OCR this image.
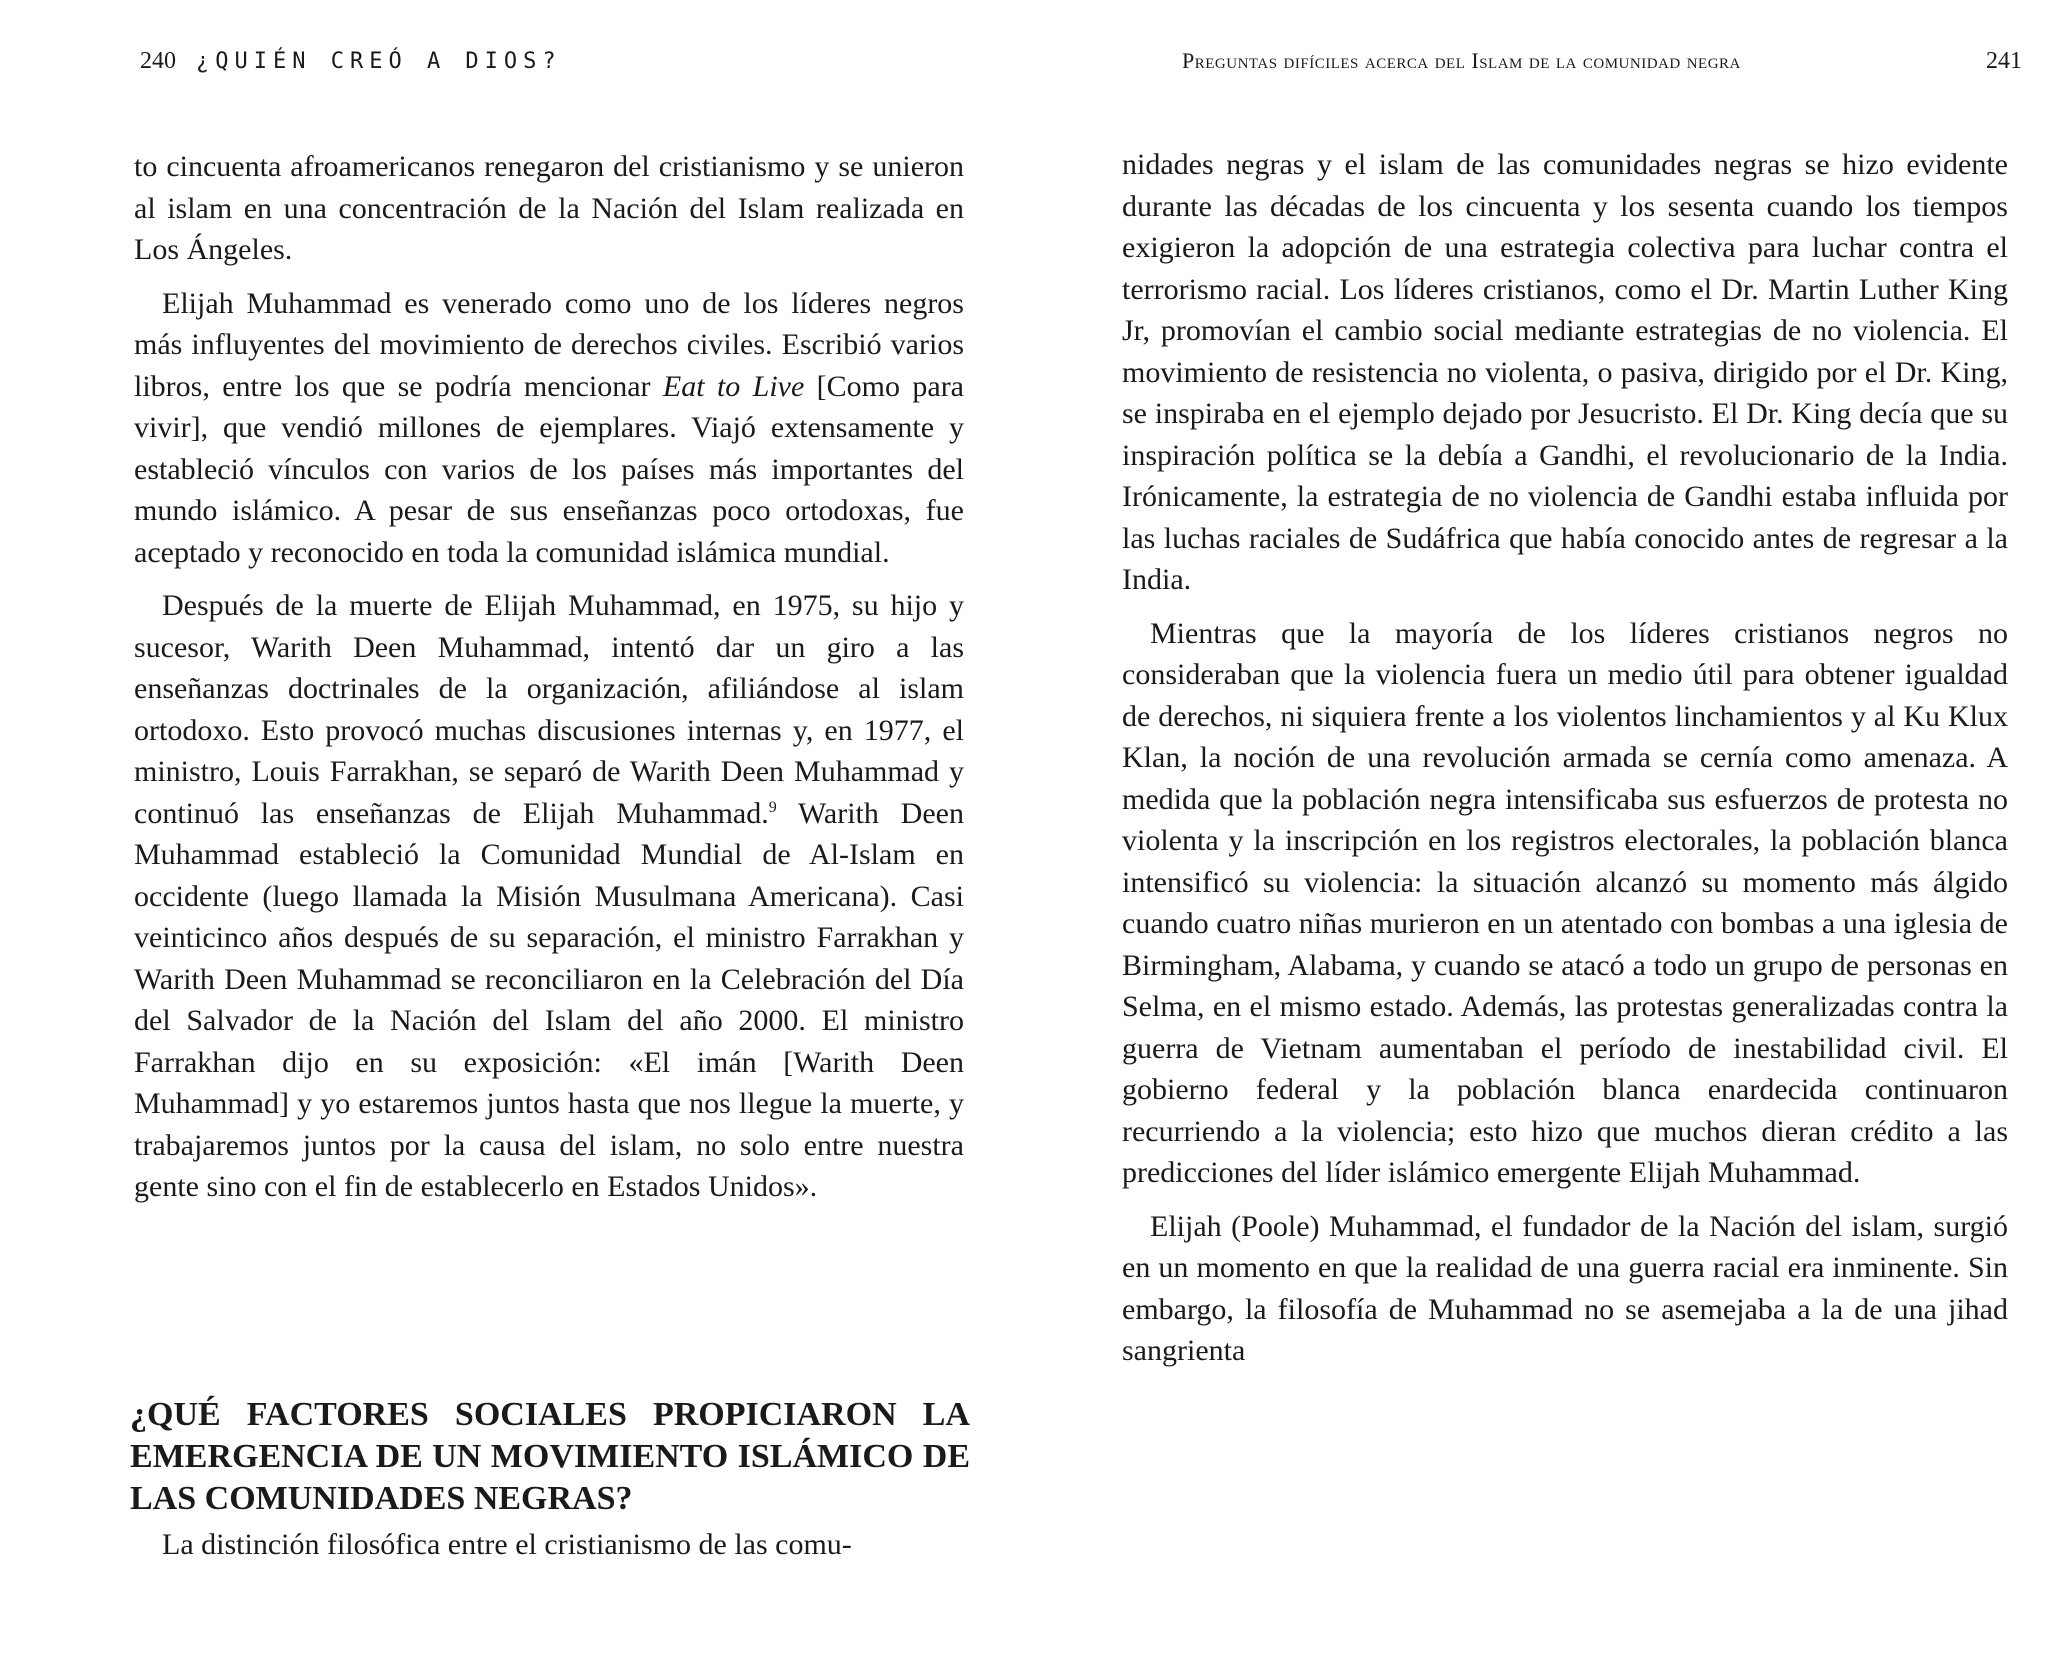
240 ¿QUIÉN CREÓ A DIOS?

to cincuenta afroamericanos renegaron del cristianismo y se unieron al islam en una concentración de la Nación del Islam realizada en Los Ángeles.

Elijah Muhammad es venerado como uno de los líderes negros más influyentes del movimiento de derechos civiles. Escribió varios libros, entre los que se podría mencionar Eat to Live [Como para vivir], que vendió millones de ejemplares. Viajó extensamente y estableció vínculos con varios de los países más importantes del mundo islámico. A pesar de sus enseñanzas poco ortodoxas, fue aceptado y reconocido en toda la comunidad islámica mundial.

Después de la muerte de Elijah Muhammad, en 1975, su hijo y sucesor, Warith Deen Muhammad, intentó dar un giro a las enseñanzas doctrinales de la organización, afiliándose al islam ortodoxo. Esto provocó muchas discusiones internas y, en 1977, el ministro, Louis Farrakhan, se separó de Warith Deen Muhammad y continuó las enseñanzas de Elijah Muhammad.$^9$ Warith Deen Muhammad estableció la Comunidad Mundial de Al-Islam en occidente (luego llamada la Misión Musulmana Americana). Casi veinticinco años después de su separación, el ministro Farrakhan y Warith Deen Muhammad se reconciliaron en la Celebración del Día del Salvador de la Nación del Islam del año 2000. El ministro Farrakhan dijo en su exposición: «El imán [Warith Deen Muhammad] y yo estaremos juntos hasta que nos llegue la muerte, y trabajaremos juntos por la causa del islam, no solo entre nuestra gente sino con el fin de establecerlo en Estados Unidos».

¿QUÉ FACTORES SOCIALES PROPICIARON LA EMERGENCIA DE UN MOVIMIENTO ISLÁMICO DE LAS COMUNIDADES NEGRAS?

La distinción filosófica entre el cristianismo de las comu-

Preguntas difíciles acerca del Islam de la comunidad negra	241

nidades negras y el islam de las comunidades negras se hizo evidente durante las décadas de los cincuenta y los sesenta cuando los tiempos exigieron la adopción de una estrategia colectiva para luchar contra el terrorismo racial. Los líderes cristianos, como el Dr. Martin Luther King Jr, promovían el cambio social mediante estrategias de no violencia. El movimiento de resistencia no violenta, o pasiva, dirigido por el Dr. King, se inspiraba en el ejemplo dejado por Jesucristo. El Dr. King decía que su inspiración política se la debía a Gandhi, el revolucionario de la India. Irónicamente, la estrategia de no violencia de Gandhi estaba influida por las luchas raciales de Sudáfrica que había conocido antes de regresar a la India.

Mientras que la mayoría de los líderes cristianos negros no consideraban que la violencia fuera un medio útil para obtener igualdad de derechos, ni siquiera frente a los violentos linchamientos y al Ku Klux Klan, la noción de una revolución armada se cernía como amenaza. A medida que la población negra intensificaba sus esfuerzos de protesta no violenta y la inscripción en los registros electorales, la población blanca intensificó su violencia: la situación alcanzó su momento más álgido cuando cuatro niñas murieron en un atentado con bombas a una iglesia de Birmingham, Alabama, y cuando se atacó a todo un grupo de personas en Selma, en el mismo estado. Además, las protestas generalizadas contra la guerra de Vietnam aumentaban el período de inestabilidad civil. El gobierno federal y la población blanca enardecida continuaron recurriendo a la violencia; esto hizo que muchos dieran crédito a las predicciones del líder islámico emergente Elijah Muhammad.

Elijah (Poole) Muhammad, el fundador de la Nación del islam, surgió en un momento en que la realidad de una guerra racial era inminente. Sin embargo, la filosofía de Muhammad no se asemejaba a la de una jihad sangrienta
